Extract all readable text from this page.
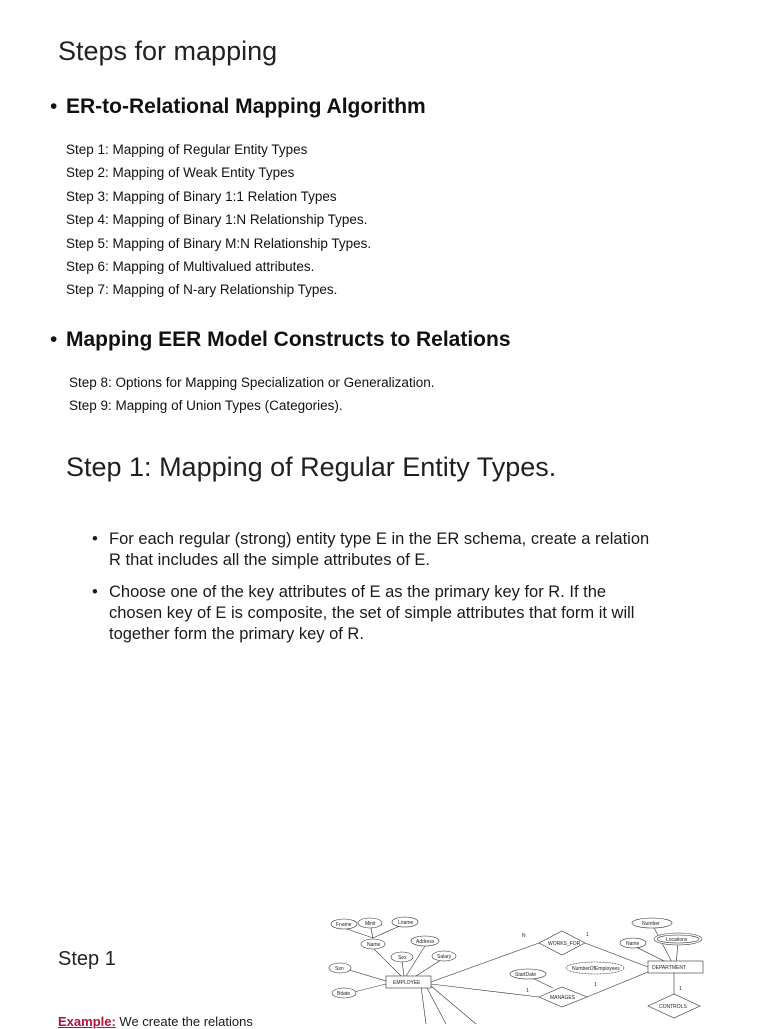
Steps for mapping
• ER-to-Relational Mapping Algorithm
Step 1: Mapping of Regular Entity Types
Step 2: Mapping of Weak Entity Types
Step 3: Mapping of Binary 1:1 Relation Types
Step 4: Mapping of Binary 1:N Relationship Types.
Step 5: Mapping of Binary M:N Relationship Types.
Step 6: Mapping of Multivalued attributes.
Step 7: Mapping of N-ary Relationship Types.
• Mapping EER Model Constructs to Relations
Step 8: Options for Mapping Specialization or Generalization.
Step 9: Mapping of Union Types (Categories).
Step 1: Mapping of Regular Entity Types.
• For each regular (strong) entity type E in the ER schema, create a relation R that includes all the simple attributes of E.
• Choose one of the key attributes of E as the primary key for R. If the chosen key of E is composite, the set of simple attributes that form it will together form the primary key of R.
Step 1
Example: We create the relations
Fname	Minit	Lname
Name	Address
Sex	Salary
Ssn
Bdate
StartDate
NumberOfEmployees
Number
Name
Locations
EMPLOYEE
DEPARTMENT
WORKS_FOR
MANAGES
CONTROLS
N	1
1
1
1
